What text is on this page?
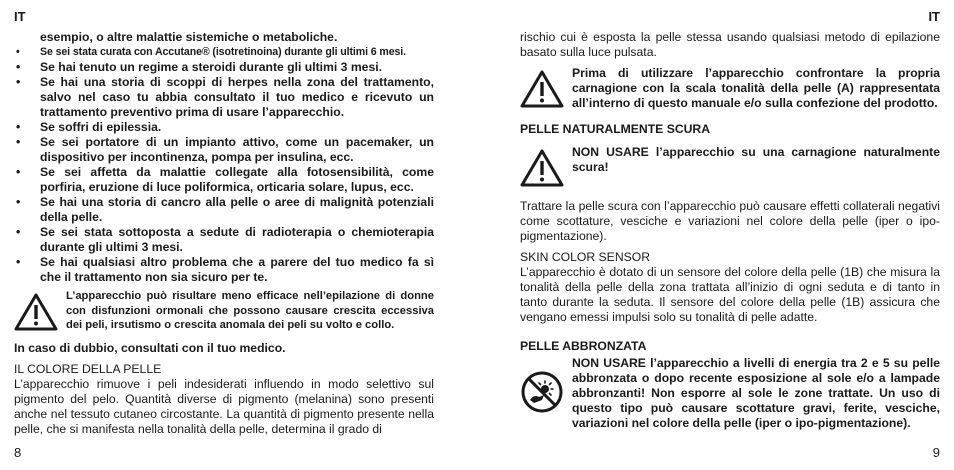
IT	IT
esempio, o altre malattie sistemiche o metaboliche.
• Se sei stata curata con Accutane® (isotretinoina) durante gli ultimi 6 mesi.
• Se hai tenuto un regime a steroidi durante gli ultimi 3 mesi.
• Se hai una storia di scoppi di herpes nella zona del trattamento, salvo nel caso tu abbia consultato il tuo medico e ricevuto un trattamento preventivo prima di usare l’apparecchio.
• Se soffri di epilessia.
• Se sei portatore di un impianto attivo, come un pacemaker, un dispositivo per incontinenza, pompa per insulina, ecc.
• Se sei affetta da malattie collegate alla fotosensibilità, come porfiria, eruzione di luce poliformica, orticaria solare, lupus, ecc.
• Se hai una storia di cancro alla pelle o aree di malignità potenziali della pelle.
• Se sei stata sottoposta a sedute di radioterapia o chemioterapia durante gli ultimi 3 mesi.
• Se hai qualsiasi altro problema che a parere del tuo medico fa sì che il trattamento non sia sicuro per te.
L’apparecchio può risultare meno efficace nell’epilazione di donne con disfunzioni ormonali che possono causare crescita eccessiva dei peli, irsutismo o crescita anomala dei peli su volto e collo.
In caso di dubbio, consultati con il tuo medico.
IL COLORE DELLA PELLE
L’apparecchio rimuove i peli indesiderati influendo in modo selettivo sul pigmento del pelo. Quantità diverse di pigmento (melanina) sono presenti anche nel tessuto cutaneo circostante. La quantità di pigmento presente nella pelle, che si manifesta nella tonalità della pelle, determina il grado di
rischio cui è esposta la pelle stessa usando qualsiasi metodo di epilazione basato sulla luce pulsata.
Prima di utilizzare l’apparecchio confrontare la propria carnagione con la scala tonalità della pelle (A) rappresentata all’interno di questo manuale e/o sulla confezione del prodotto.
PELLE NATURALMENTE SCURA
NON USARE l’apparecchio su una carnagione naturalmente scura!
Trattare la pelle scura con l’apparecchio può causare effetti collaterali negativi come scottature, vesciche e variazioni nel colore della pelle (iper o ipo-pigmentazione).
SKIN COLOR SENSOR
L’apparecchio è dotato di un sensore del colore della pelle (1B) che misura la tonalità della pelle della zona trattata all’inizio di ogni seduta e di tanto in tanto durante la seduta. Il sensore del colore della pelle (1B) assicura che vengano emessi impulsi solo su tonalità di pelle adatte.
PELLE ABBRONZATA
NON USARE l’apparecchio a livelli di energia tra 2 e 5 su pelle abbronzata o dopo recente esposizione al sole e/o a lampade abbronzanti! Non esporre al sole le zone trattate. Un uso di questo tipo può causare scottature gravi, ferite, vesciche, variazioni nel colore della pelle (iper o ipo-pigmentazione).
8	9
